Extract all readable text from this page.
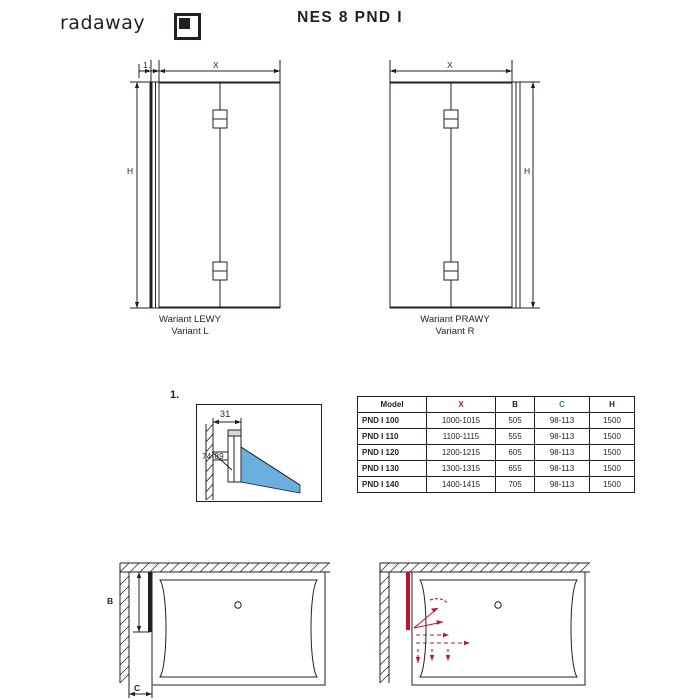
radaway	NES 8 PND I
X
1.
H
Wariant LEWY
Variant L
X
H
Wariant PRAWY
Variant R
1.
31
74-89
Model	X	B	C	H
PND I 100	1000-1015	505	98-113	1500
PND I 110	1100-1115	555	98-113	1500
PND I 120	1200-1215	605	98-113	1500
PND I 130	1300-1315	655	98-113	1500
PND I 140	1400-1415	705	98-113	1500
B
C
